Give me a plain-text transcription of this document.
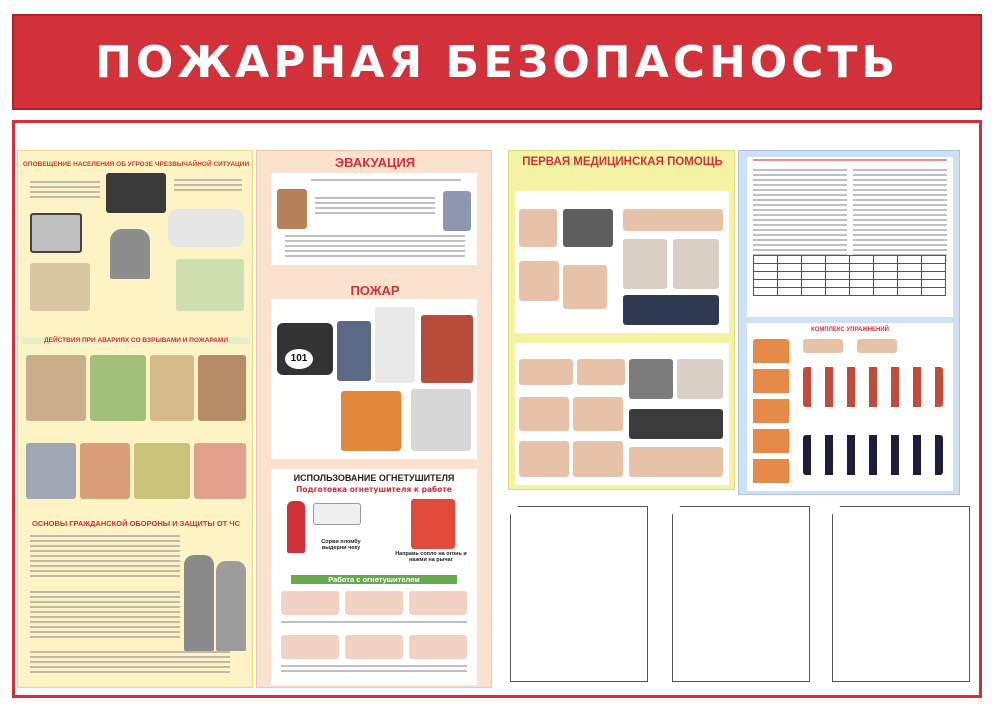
ПОЖАРНАЯ БЕЗОПАСНОСТЬ
ОПОВЕЩЕНИЕ НАСЕЛЕНИЯ ОБ УГРОЗЕ ЧРЕЗВЫЧАЙНОЙ СИТУАЦИИ
ДЕЙСТВИЯ ПРИ АВАРИЯХ СО ВЗРЫВАМИ И ПОЖАРАМИ
ОСНОВЫ ГРАЖДАНСКОЙ ОБОРОНЫ И ЗАЩИТЫ ОТ ЧС
ЭВАКУАЦИЯ
ПОЖАР
101
ИСПОЛЬЗОВАНИЕ ОГНЕТУШИТЕЛЯ
Подготовка огнетушителя к работе
Сорви пломбу выдерни чеку
Направь сопло на огонь и нажми на рычаг
Работа с огнетушителем
ПЕРВАЯ МЕДИЦИНСКАЯ ПОМОЩЬ

КОМПЛЕКС УПРАЖНЕНИЙ
